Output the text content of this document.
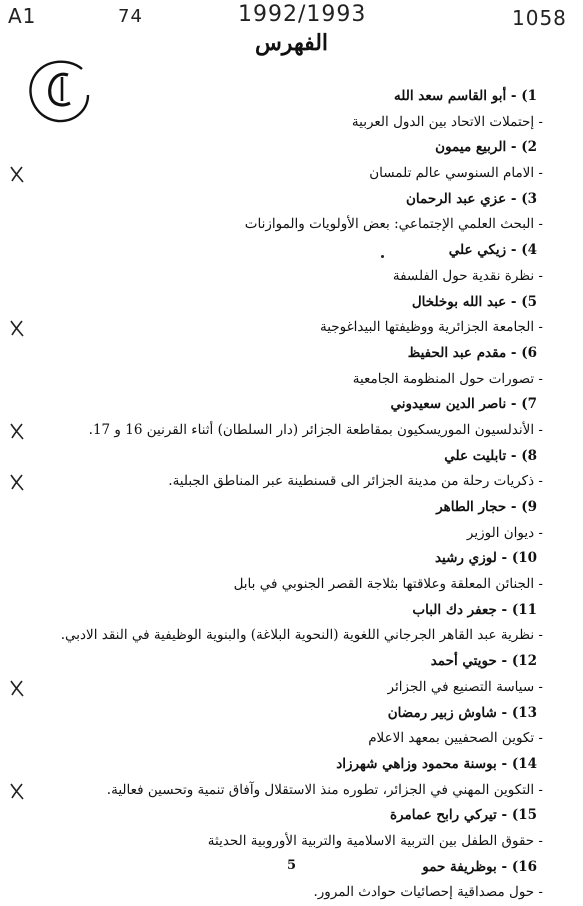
A1	74	1992/1993	1058
الفهرس
1) - أبو القاسم سعد الله
- إحتملات الاتحاد بين الدول العربية
2) - الربيع ميمون
- الامام السنوسي عالم تلمسان
3) - عزي عبد الرحمان
- البحث العلمي الإجتماعي: بعض الأولويات والموازنات
4) - زيكي علي
- نظرة نقدية حول الفلسفة
5) - عبد الله بوخلخال
- الجامعة الجزائرية ووظيفتها البيداغوجية
6) - مقدم عبد الحفيظ
- تصورات حول المنظومة الجامعية
7) - ناصر الدين سعيدوني
- الأندلسيون الموريسكيون بمقاطعة الجزائر (دار السلطان) أثناء القرنين 16 و 17.
8) - تابليت علي
- ذكريات رحلة من مدينة الجزائر الى قسنطينة عبر المناطق الجبلية.
9) - حجار الطاهر
- ديوان الوزير
10) - لوزي رشيد
- الجنائن المعلقة وعلاقتها بثلاجة القصر الجنوبي في بابل
11) - جعفر دك الباب
- نظرية عبد القاهر الجرجاني اللغوية (النحوية البلاغة) والبنوية الوظيفية في النقد الادبي.
12) - حويتي أحمد
- سياسة التصنيع في الجزائر
13) - شاوش زبير رمضان
- تكوين الصحفيين بمعهد الاعلام
14) - بوسنة محمود وزاهي شهرزاد
- التكوين المهني في الجزائر، تطوره منذ الاستقلال وآفاق تنمية وتحسين فعالية.
15) - تيركي رابح عمامرة
- حقوق الطفل بين التربية الاسلامية والتربية الأوروبية الحديثة
16) - بوظريفة حمو
- حول مصداقية إحصائيات حوادث المرور.
5
